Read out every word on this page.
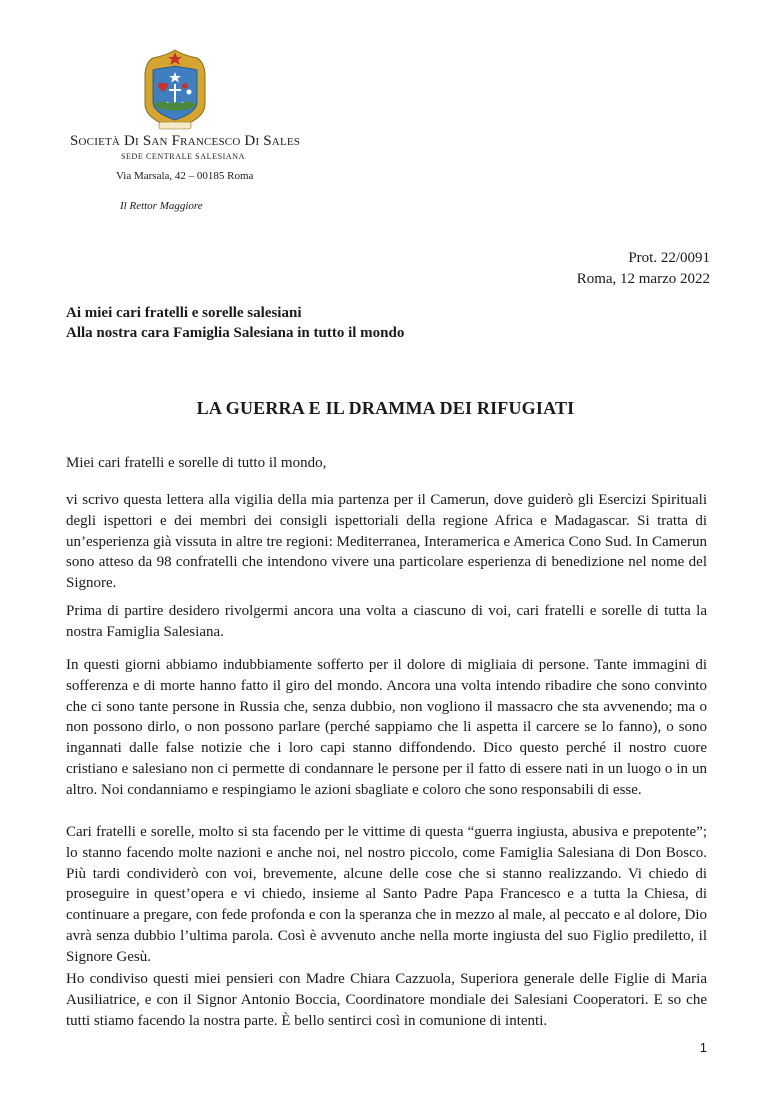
Società Di San Francesco Di Sales
SEDE CENTRALE SALESIANA
Via Marsala, 42 – 00185 Roma
Il Rettor Maggiore
Prot. 22/0091
Roma, 12 marzo 2022
Ai miei cari fratelli e sorelle salesiani
Alla nostra cara Famiglia Salesiana in tutto il mondo
LA GUERRA E IL DRAMMA DEI RIFUGIATI
Miei cari fratelli e sorelle di tutto il mondo,

vi scrivo questa lettera alla vigilia della mia partenza per il Camerun, dove guiderò gli Esercizi Spirituali degli ispettori e dei membri dei consigli ispettoriali della regione Africa e Madagascar. Si tratta di un’esperienza già vissuta in altre tre regioni: Mediterranea, Interamerica e America Cono Sud. In Camerun sono atteso da 98 confratelli che intendono vivere una particolare esperienza di benedizione nel nome del Signore.

Prima di partire desidero rivolgermi ancora una volta a ciascuno di voi, cari fratelli e sorelle di tutta la nostra Famiglia Salesiana.

In questi giorni abbiamo indubbiamente sofferto per il dolore di migliaia di persone. Tante immagini di sofferenza e di morte hanno fatto il giro del mondo. Ancora una volta intendo ribadire che sono convinto che ci sono tante persone in Russia che, senza dubbio, non vogliono il massacro che sta avvenendo; ma o non possono dirlo, o non possono parlare (perché sappiamo che li aspetta il carcere se lo fanno), o sono ingannati dalle false notizie che i loro capi stanno diffondendo. Dico questo perché il nostro cuore cristiano e salesiano non ci permette di condannare le persone per il fatto di essere nati in un luogo o in un altro. Noi condanniamo e respingiamo le azioni sbagliate e coloro che sono responsabili di esse.

Cari fratelli e sorelle, molto si sta facendo per le vittime di questa “guerra ingiusta, abusiva e prepotente”; lo stanno facendo molte nazioni e anche noi, nel nostro piccolo, come Famiglia Salesiana di Don Bosco. Più tardi condividerò con voi, brevemente, alcune delle cose che si stanno realizzando. Vi chiedo di proseguire in quest’opera e vi chiedo, insieme al Santo Padre Papa Francesco e a tutta la Chiesa, di continuare a pregare, con fede profonda e con la speranza che in mezzo al male, al peccato e al dolore, Dio avrà senza dubbio l’ultima parola. Così è avvenuto anche nella morte ingiusta del suo Figlio prediletto, il Signore Gesù.

Ho condiviso questi miei pensieri con Madre Chiara Cazzuola, Superiora generale delle Figlie di Maria Ausiliatrice, e con il Signor Antonio Boccia, Coordinatore mondiale dei Salesiani Cooperatori. E so che tutti stiamo facendo la nostra parte. È bello sentirci così in comunione di intenti.

1
